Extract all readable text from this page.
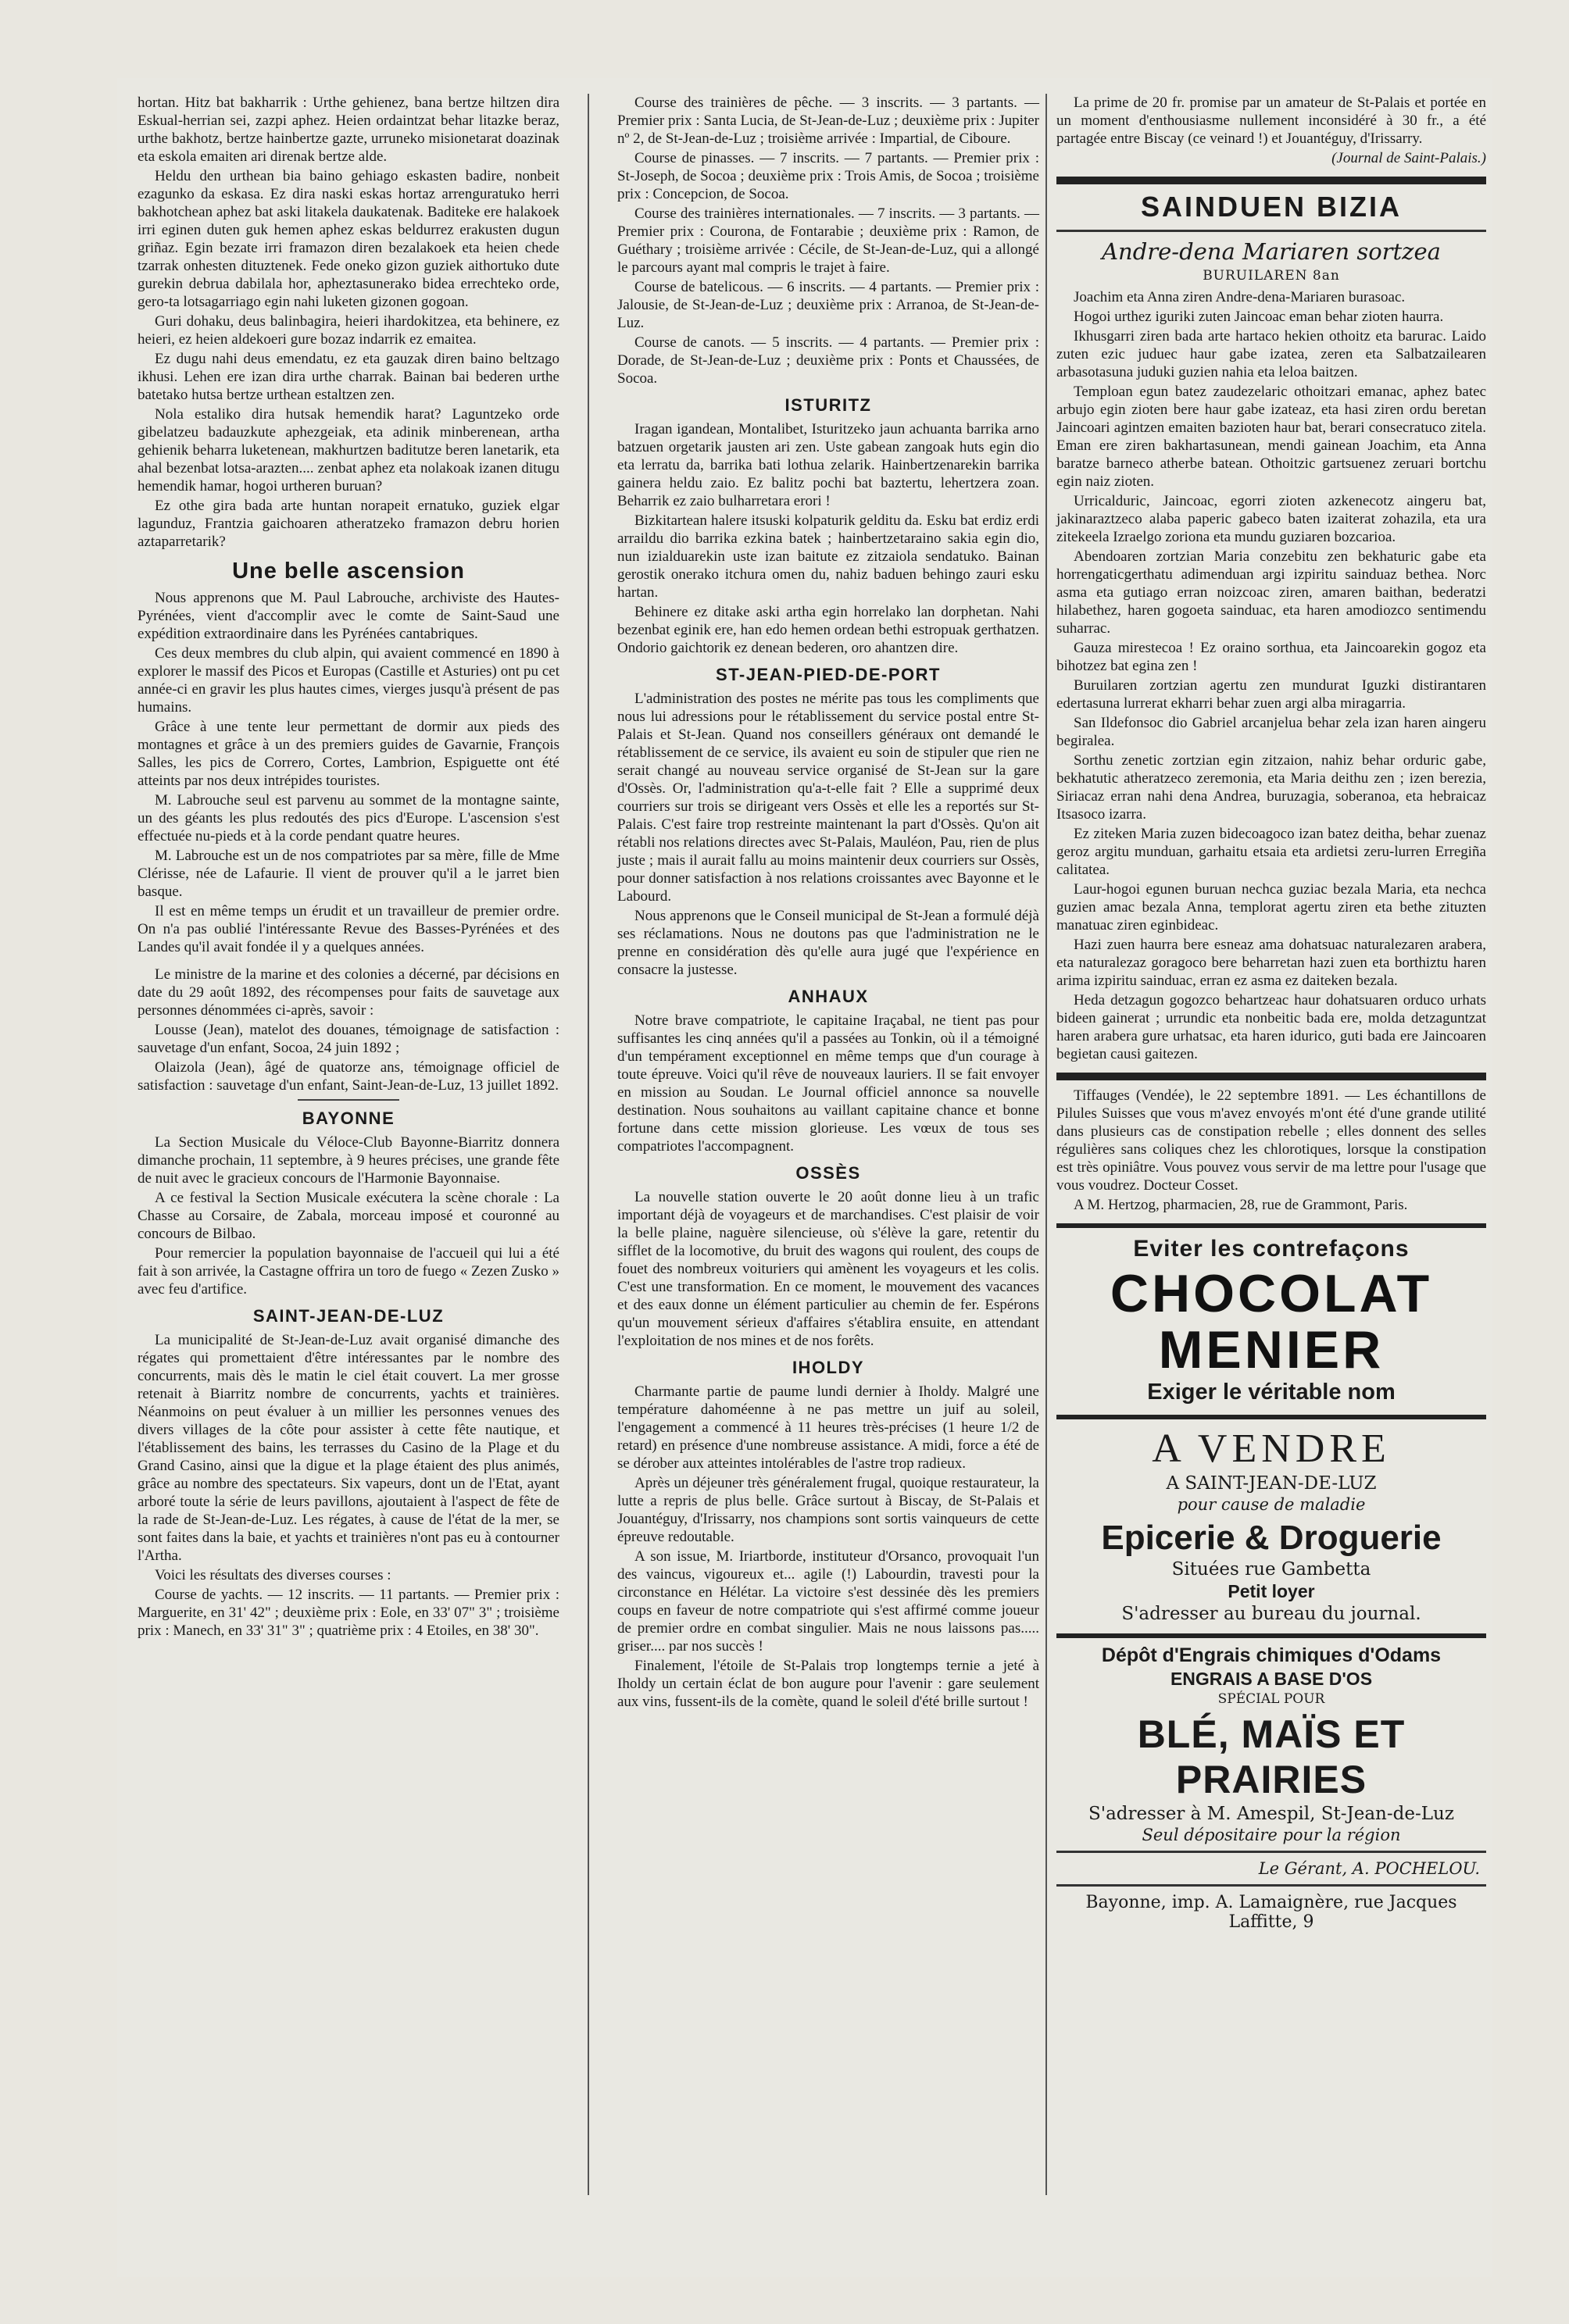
hortan. Hitz bat bakharrik : Urthe gehienez, bana bertze hiltzen dira Eskual-herrian sei, zazpi aphez. Heien ordaintzat behar litazke beraz, urthe bakhotz, bertze hainbertze gazte, urruneko misionetarat doazinak eta eskola emaiten ari direnak bertze alde.

Heldu den urthean bia baino gehiago eskasten badire, nonbeit ezagunko da eskasa. Ez dira naski eskas hortaz arrenguratuko herri bakhotchean aphez bat aski litakela daukatenak. Baditeke ere halakoek irri eginen duten guk hemen aphez eskas beldurrez erakusten dugun griñaz. Egin bezate irri framazon diren bezalakoek eta heien chede tzarrak onhesten dituztenek. Fede oneko gizon guziek aithortuko dute gurekin debrua dabilala hor, apheztasunerako bidea errechteko orde, gero-ta lotsagarriago egin nahi luketen gizonen gogoan.

Guri dohaku, deus balinbagira, heieri ihardokitzea, eta behinere, ez heieri, ez heien aldekoeri gure bozaz indarrik ez emaitea.

Ez dugu nahi deus emendatu, ez eta gauzak diren baino beltzago ikhusi. Lehen ere izan dira urthe charrak. Bainan bai bederen urthe batetako hutsa bertze urthean estaltzen zen.

Nola estaliko dira hutsak hemendik harat? Laguntzeko orde gibelatzeu badauzkute aphezgeiak, eta adinik minberenean, artha gehienik beharra luketenean, makhurtzen baditutze beren lanetarik, eta ahal bezenbat lotsa-arazten.... zenbat aphez eta nolakoak izanen ditugu hemendik hamar, hogoi urtheren buruan?

Ez othe gira bada arte huntan norapeit ernatuko, guziek elgar lagunduz, Frantzia gaichoaren atheratzeko framazon debru horien aztaparretarik?

Une belle ascension

Nous apprenons que M. Paul Labrouche, archiviste des Hautes-Pyrénées, vient d'accomplir avec le comte de Saint-Saud une expédition extraordinaire dans les Pyrénées cantabriques.

Ces deux membres du club alpin, qui avaient commencé en 1890 à explorer le massif des Picos et Europas (Castille et Asturies) ont pu cet année-ci en gravir les plus hautes cimes, vierges jusqu'à présent de pas humains.

Grâce à une tente leur permettant de dormir aux pieds des montagnes et grâce à un des premiers guides de Gavarnie, François Salles, les pics de Correro, Cortes, Lambrion, Espiguette ont été atteints par nos deux intrépides touristes.

M. Labrouche seul est parvenu au sommet de la montagne sainte, un des géants les plus redoutés des pics d'Europe. L'ascension s'est effectuée nu-pieds et à la corde pendant quatre heures.

M. Labrouche est un de nos compatriotes par sa mère, fille de Mme Clérisse, née de Lafaurie. Il vient de prouver qu'il a le jarret bien basque.

Il est en même temps un érudit et un travailleur de premier ordre. On n'a pas oublié l'intéressante Revue des Basses-Pyrénées et des Landes qu'il avait fondée il y a quelques années.

Le ministre de la marine et des colonies a décerné, par décisions en date du 29 août 1892, des récompenses pour faits de sauvetage aux personnes dénommées ci-après, savoir :

Lousse (Jean), matelot des douanes, témoignage de satisfaction : sauvetage d'un enfant, Socoa, 24 juin 1892 ;

Olaizola (Jean), âgé de quatorze ans, témoignage officiel de satisfaction : sauvetage d'un enfant, Saint-Jean-de-Luz, 13 juillet 1892.

BAYONNE

La Section Musicale du Véloce-Club Bayonne-Biarritz donnera dimanche prochain, 11 septembre, à 9 heures précises, une grande fête de nuit avec le gracieux concours de l'Harmonie Bayonnaise.

A ce festival la Section Musicale exécutera la scène chorale : La Chasse au Corsaire, de Zabala, morceau imposé et couronné au concours de Bilbao.

Pour remercier la population bayonnaise de l'accueil qui lui a été fait à son arrivée, la Castagne offrira un toro de fuego « Zezen Zusko » avec feu d'artifice.

SAINT-JEAN-DE-LUZ

La municipalité de St-Jean-de-Luz avait organisé dimanche des régates qui promettaient d'être intéressantes par le nombre des concurrents, mais dès le matin le ciel était couvert. La mer grosse retenait à Biarritz nombre de concurrents, yachts et trainières. Néanmoins on peut évaluer à un millier les personnes venues des divers villages de la côte pour assister à cette fête nautique, et l'établissement des bains, les terrasses du Casino de la Plage et du Grand Casino, ainsi que la digue et la plage étaient des plus animés, grâce au nombre des spectateurs. Six vapeurs, dont un de l'Etat, ayant arboré toute la série de leurs pavillons, ajoutaient à l'aspect de fête de la rade de St-Jean-de-Luz. Les régates, à cause de l'état de la mer, se sont faites dans la baie, et yachts et trainières n'ont pas eu à contourner l'Artha.

Voici les résultats des diverses courses :

Course de yachts. — 12 inscrits. — 11 partants. — Premier prix : Marguerite, en 31' 42" ; deuxième prix : Eole, en 33' 07" 3" ; troisième prix : Manech, en 33' 31" 3" ; quatrième prix : 4 Etoiles, en 38' 30".

Course des trainières de pêche. — 3 inscrits. — 3 partants. — Premier prix : Santa Lucia, de St-Jean-de-Luz ; deuxième prix : Jupiter nº 2, de St-Jean-de-Luz ; troisième arrivée : Impartial, de Ciboure.

Course de pinasses. — 7 inscrits. — 7 partants. — Premier prix : St-Joseph, de Socoa ; deuxième prix : Trois Amis, de Socoa ; troisième prix : Concepcion, de Socoa.

Course des trainières internationales. — 7 inscrits. — 3 partants. — Premier prix : Courona, de Fontarabie ; deuxième prix : Ramon, de Guéthary ; troisième arrivée : Cécile, de St-Jean-de-Luz, qui a allongé le parcours ayant mal compris le trajet à faire.

Course de batelicous. — 6 inscrits. — 4 partants. — Premier prix : Jalousie, de St-Jean-de-Luz ; deuxième prix : Arranoa, de St-Jean-de-Luz.

Course de canots. — 5 inscrits. — 4 partants. — Premier prix : Dorade, de St-Jean-de-Luz ; deuxième prix : Ponts et Chaussées, de Socoa.

ISTURITZ

Iragan igandean, Montalibet, Isturitzeko jaun achuanta barrika arno batzuen orgetarik jausten ari zen. Uste gabean zangoak huts egin dio eta lerratu da, barrika bati lothua zelarik. Hainbertzenarekin barrika gainera heldu zaio. Ez balitz pochi bat baztertu, lehertzera zoan. Beharrik ez zaio bulharretara erori !

Bizkitartean halere itsuski kolpaturik gelditu da. Esku bat erdiz erdi arraildu dio barrika ezkina batek ; hainbertzetaraino sakia egin dio, nun izialduarekin uste izan baitute ez zitzaiola sendatuko. Bainan gerostik onerako itchura omen du, nahiz baduen behingo zauri esku hartan.

Behinere ez ditake aski artha egin horrelako lan dorphetan. Nahi bezenbat eginik ere, han edo hemen ordean bethi estropuak gerthatzen. Ondorio gaichtorik ez denean bederen, oro ahantzen dire.

ST-JEAN-PIED-DE-PORT

L'administration des postes ne mérite pas tous les compliments que nous lui adressions pour le rétablissement du service postal entre St-Palais et St-Jean. Quand nos conseillers généraux ont demandé le rétablissement de ce service, ils avaient eu soin de stipuler que rien ne serait changé au nouveau service organisé de St-Jean sur la gare d'Ossès. Or, l'administration qu'a-t-elle fait ? Elle a supprimé deux courriers sur trois se dirigeant vers Ossès et elle les a reportés sur St-Palais. C'est faire trop restreinte maintenant la part d'Ossès. Qu'on ait rétabli nos relations directes avec St-Palais, Mauléon, Pau, rien de plus juste ; mais il aurait fallu au moins maintenir deux courriers sur Ossès, pour donner satisfaction à nos relations croissantes avec Bayonne et le Labourd.

Nous apprenons que le Conseil municipal de St-Jean a formulé déjà ses réclamations. Nous ne doutons pas que l'administration ne le prenne en considération dès qu'elle aura jugé que l'expérience en consacre la justesse.

ANHAUX

Notre brave compatriote, le capitaine Iraçabal, ne tient pas pour suffisantes les cinq années qu'il a passées au Tonkin, où il a témoigné d'un tempérament exceptionnel en même temps que d'un courage à toute épreuve. Voici qu'il rêve de nouveaux lauriers. Il se fait envoyer en mission au Soudan. Le Journal officiel annonce sa nouvelle destination. Nous souhaitons au vaillant capitaine chance et bonne fortune dans cette mission glorieuse. Les vœux de tous ses compatriotes l'accompagnent.

OSSÈS

La nouvelle station ouverte le 20 août donne lieu à un trafic important déjà de voyageurs et de marchandises. C'est plaisir de voir la belle plaine, naguère silencieuse, où s'élève la gare, retentir du sifflet de la locomotive, du bruit des wagons qui roulent, des coups de fouet des nombreux voituriers qui amènent les voyageurs et les colis. C'est une transformation. En ce moment, le mouvement des vacances et des eaux donne un élément particulier au chemin de fer. Espérons qu'un mouvement sérieux d'affaires s'établira ensuite, en attendant l'exploitation de nos mines et de nos forêts.

IHOLDY

Charmante partie de paume lundi dernier à Iholdy. Malgré une température dahoméenne à ne pas mettre un juif au soleil, l'engagement a commencé à 11 heures très-précises (1 heure 1/2 de retard) en présence d'une nombreuse assistance. A midi, force a été de se dérober aux atteintes intolérables de l'astre trop radieux.

Après un déjeuner très généralement frugal, quoique restaurateur, la lutte a repris de plus belle. Grâce surtout à Biscay, de St-Palais et Jouantéguy, d'Irissarry, nos champions sont sortis vainqueurs de cette épreuve redoutable.

A son issue, M. Iriartborde, instituteur d'Orsanco, provoquait l'un des vaincus, vigoureux et... agile (!) Labourdin, travesti pour la circonstance en Hélétar. La victoire s'est dessinée dès les premiers coups en faveur de notre compatriote qui s'est affirmé comme joueur de premier ordre en combat singulier. Mais ne nous laissons pas..... griser.... par nos succès !

Finalement, l'étoile de St-Palais trop longtemps ternie a jeté à Iholdy un certain éclat de bon augure pour l'avenir : gare seulement aux vins, fussent-ils de la comète, quand le soleil d'été brille surtout !

La prime de 20 fr. promise par un amateur de St-Palais et portée en un moment d'enthousiasme nullement inconsidéré à 30 fr., a été partagée entre Biscay (ce veinard !) et Jouantéguy, d'Irissarry.

(Journal de Saint-Palais.)

SAINDUEN BIZIA
Andre-dena Mariaren sortzea
BURUILAREN 8an

Joachim eta Anna ziren Andre-dena-Mariaren burasoac.

Hogoi urthez iguriki zuten Jaincoac eman behar zioten haurra.

Ikhusgarri ziren bada arte hartaco hekien othoitz eta barurac. Laido zuten ezic juduec haur gabe izatea, zeren eta Salbatzailearen arbasotasuna juduki guzien nahia eta leloa baitzen.

Temploan egun batez zaudezelaric othoitzari emanac, aphez batec arbujo egin zioten bere haur gabe izateaz, eta hasi ziren ordu beretan Jaincoari agintzen emaiten bazioten haur bat, berari consecratuco zitela. Eman ere ziren bakhartasunean, mendi gainean Joachim, eta Anna baratze barneco atherbe batean. Othoitzic gartsuenez zeruari bortchu egin naiz zioten.

Urricalduric, Jaincoac, egorri zioten azkenecotz aingeru bat, jakinaraztzeco alaba paperic gabeco baten izaiterat zohazila, eta ura zitekeela Izraelgo zoriona eta mundu guziaren bozcarioa.

Abendoaren zortzian Maria conzebitu zen bekhaturic gabe eta horrengaticgerthatu adimenduan argi izpiritu sainduaz bethea. Norc asma eta gutiago erran noizcoac ziren, amaren baithan, bederatzi hilabethez, haren gogoeta sainduac, eta haren amodiozco sentimendu suharrac.

Gauza mirestecoa ! Ez oraino sorthua, eta Jaincoarekin gogoz eta bihotzez bat egina zen !

Buruilaren zortzian agertu zen mundurat Iguzki distirantaren edertasuna lurrerat ekharri behar zuen argi alba miragarria.

San Ildefonsoc dio Gabriel arcanjelua behar zela izan haren aingeru begiralea.

Sorthu zenetic zortzian egin zitzaion, nahiz behar orduric gabe, bekhatutic atheratzeco zeremonia, eta Maria deithu zen ; izen berezia, Siriacaz erran nahi dena Andrea, buruzagia, soberanoa, eta hebraicaz Itsasoco izarra.

Ez ziteken Maria zuzen bidecoagoco izan batez deitha, behar zuenaz geroz argitu munduan, garhaitu etsaia eta ardietsi zeru-lurren Erregiña calitatea.

Laur-hogoi egunen buruan nechca guziac bezala Maria, eta nechca guzien amac bezala Anna, templorat agertu ziren eta bethe zituzten manatuac ziren eginbideac.

Hazi zuen haurra bere esneaz ama dohatsuac naturalezaren arabera, eta naturalezaz goragoco bere beharretan hazi zuen eta borthiztu haren arima izpiritu sainduac, erran ez asma ez daiteken bezala.

Heda detzagun gogozco behartzeac haur dohatsuaren orduco urhats bideen gainerat ; urrundic eta nonbeitic bada ere, molda detzaguntzat haren arabera gure urhatsac, eta haren idurico, guti bada ere Jaincoaren begietan causi gaitezen.

Tiffauges (Vendée), le 22 septembre 1891. — Les échantillons de Pilules Suisses que vous m'avez envoyés m'ont été d'une grande utilité dans plusieurs cas de constipation rebelle ; elles donnent des selles régulières sans coliques chez les chlorotiques, lorsque la constipation est très opiniâtre. Vous pouvez vous servir de ma lettre pour l'usage que vous voudrez. Docteur Cosset.

A M. Hertzog, pharmacien, 28, rue de Grammont, Paris.

Eviter les contrefaçons
CHOCOLAT
MENIER
Exiger le véritable nom
A VENDRE
A SAINT-JEAN-DE-LUZ
pour cause de maladie
Epicerie & Droguerie
Situées rue Gambetta
Petit loyer
S'adresser au bureau du journal.
Dépôt d'Engrais chimiques d'Odams
ENGRAIS A BASE D'OS
SPÉCIAL POUR
BLÉ, MAÏS ET PRAIRIES
S'adresser à M. Amespil, St-Jean-de-Luz
Seul dépositaire pour la région
Le Gérant, A. POCHELOU.
Bayonne, imp. A. Lamaignère, rue Jacques Laffitte, 9
